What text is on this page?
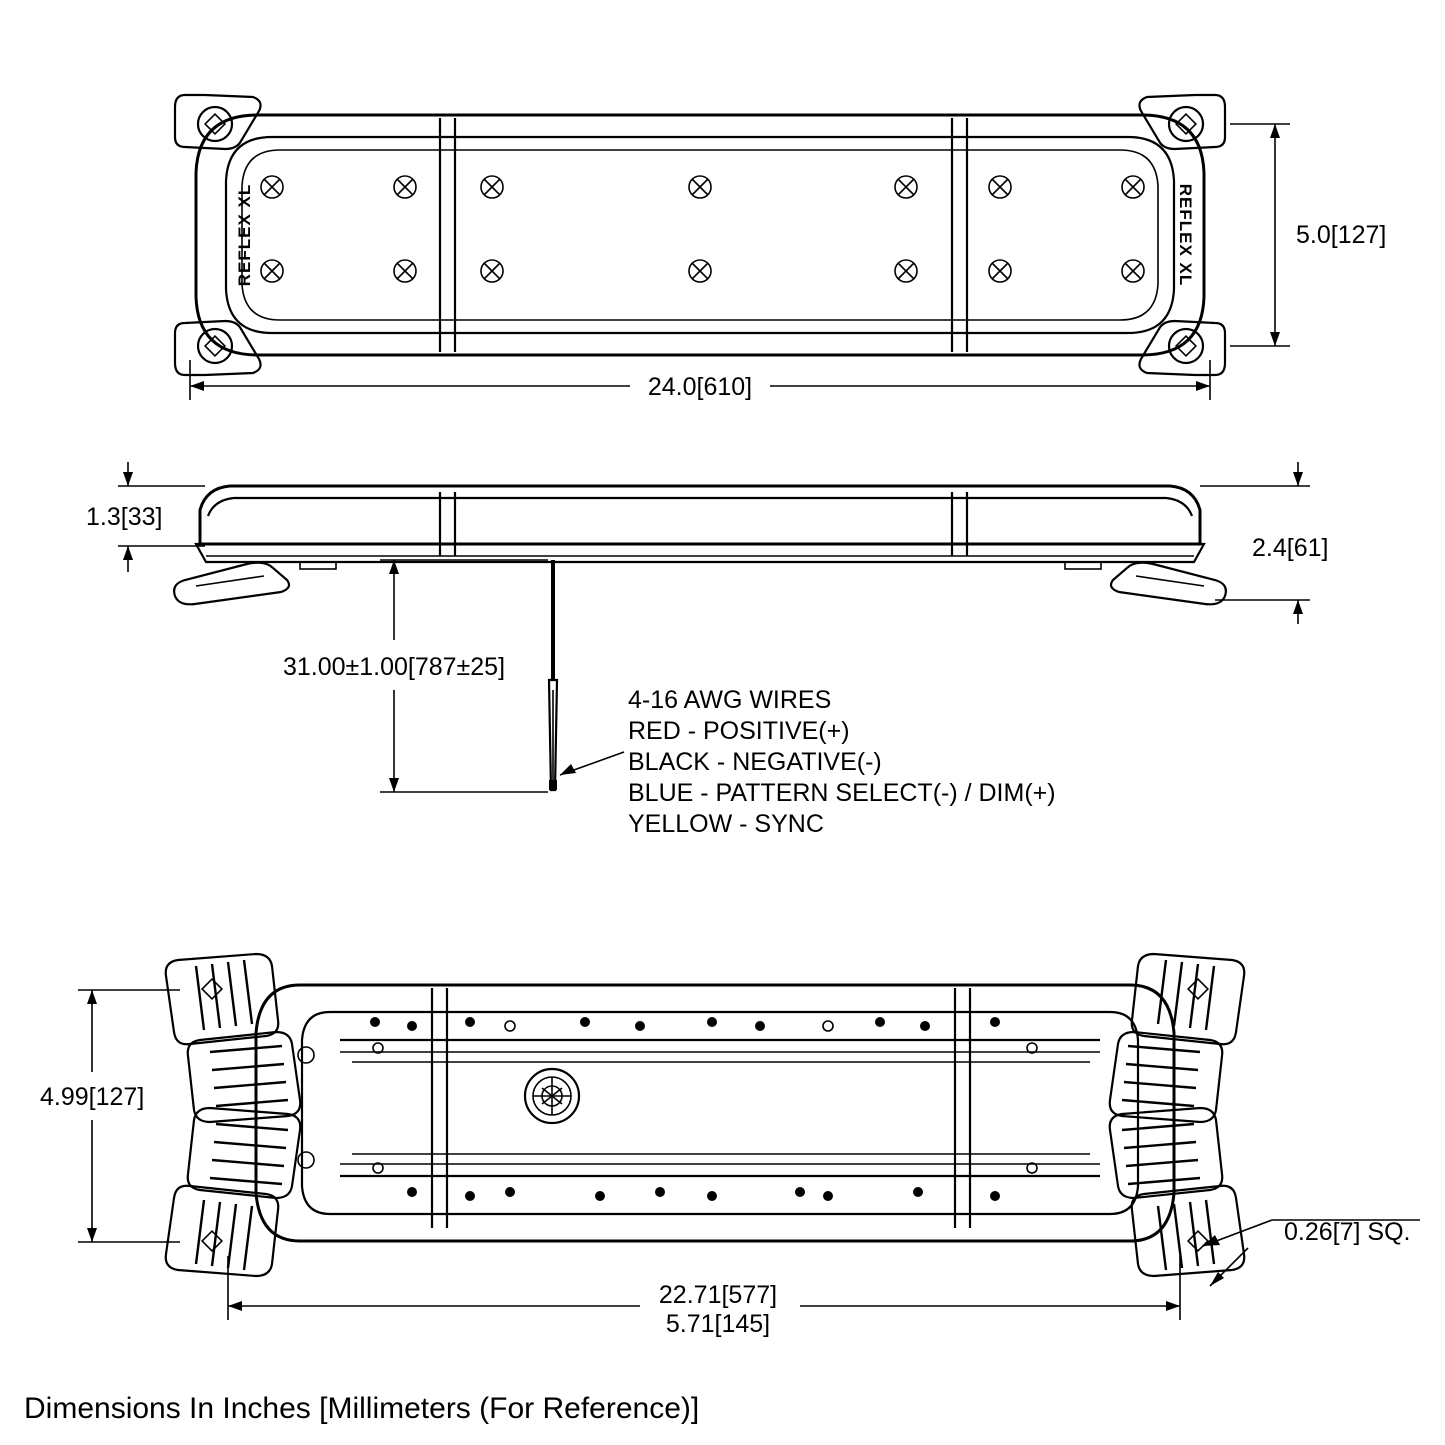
REFLEX XL	REFLEX XL	5.0[127]
24.0[610]
1.3[33]
2.4[61]
31.00±1.00[787±25]
4-16 AWG WIRES
RED - POSITIVE(+)
BLACK - NEGATIVE(-)
BLUE - PATTERN SELECT(-) / DIM(+)
YELLOW - SYNC
4.99[127]
0.26[7] SQ.
22.71[577]
5.71[145]
Dimensions In Inches [Millimeters (For Reference)]
